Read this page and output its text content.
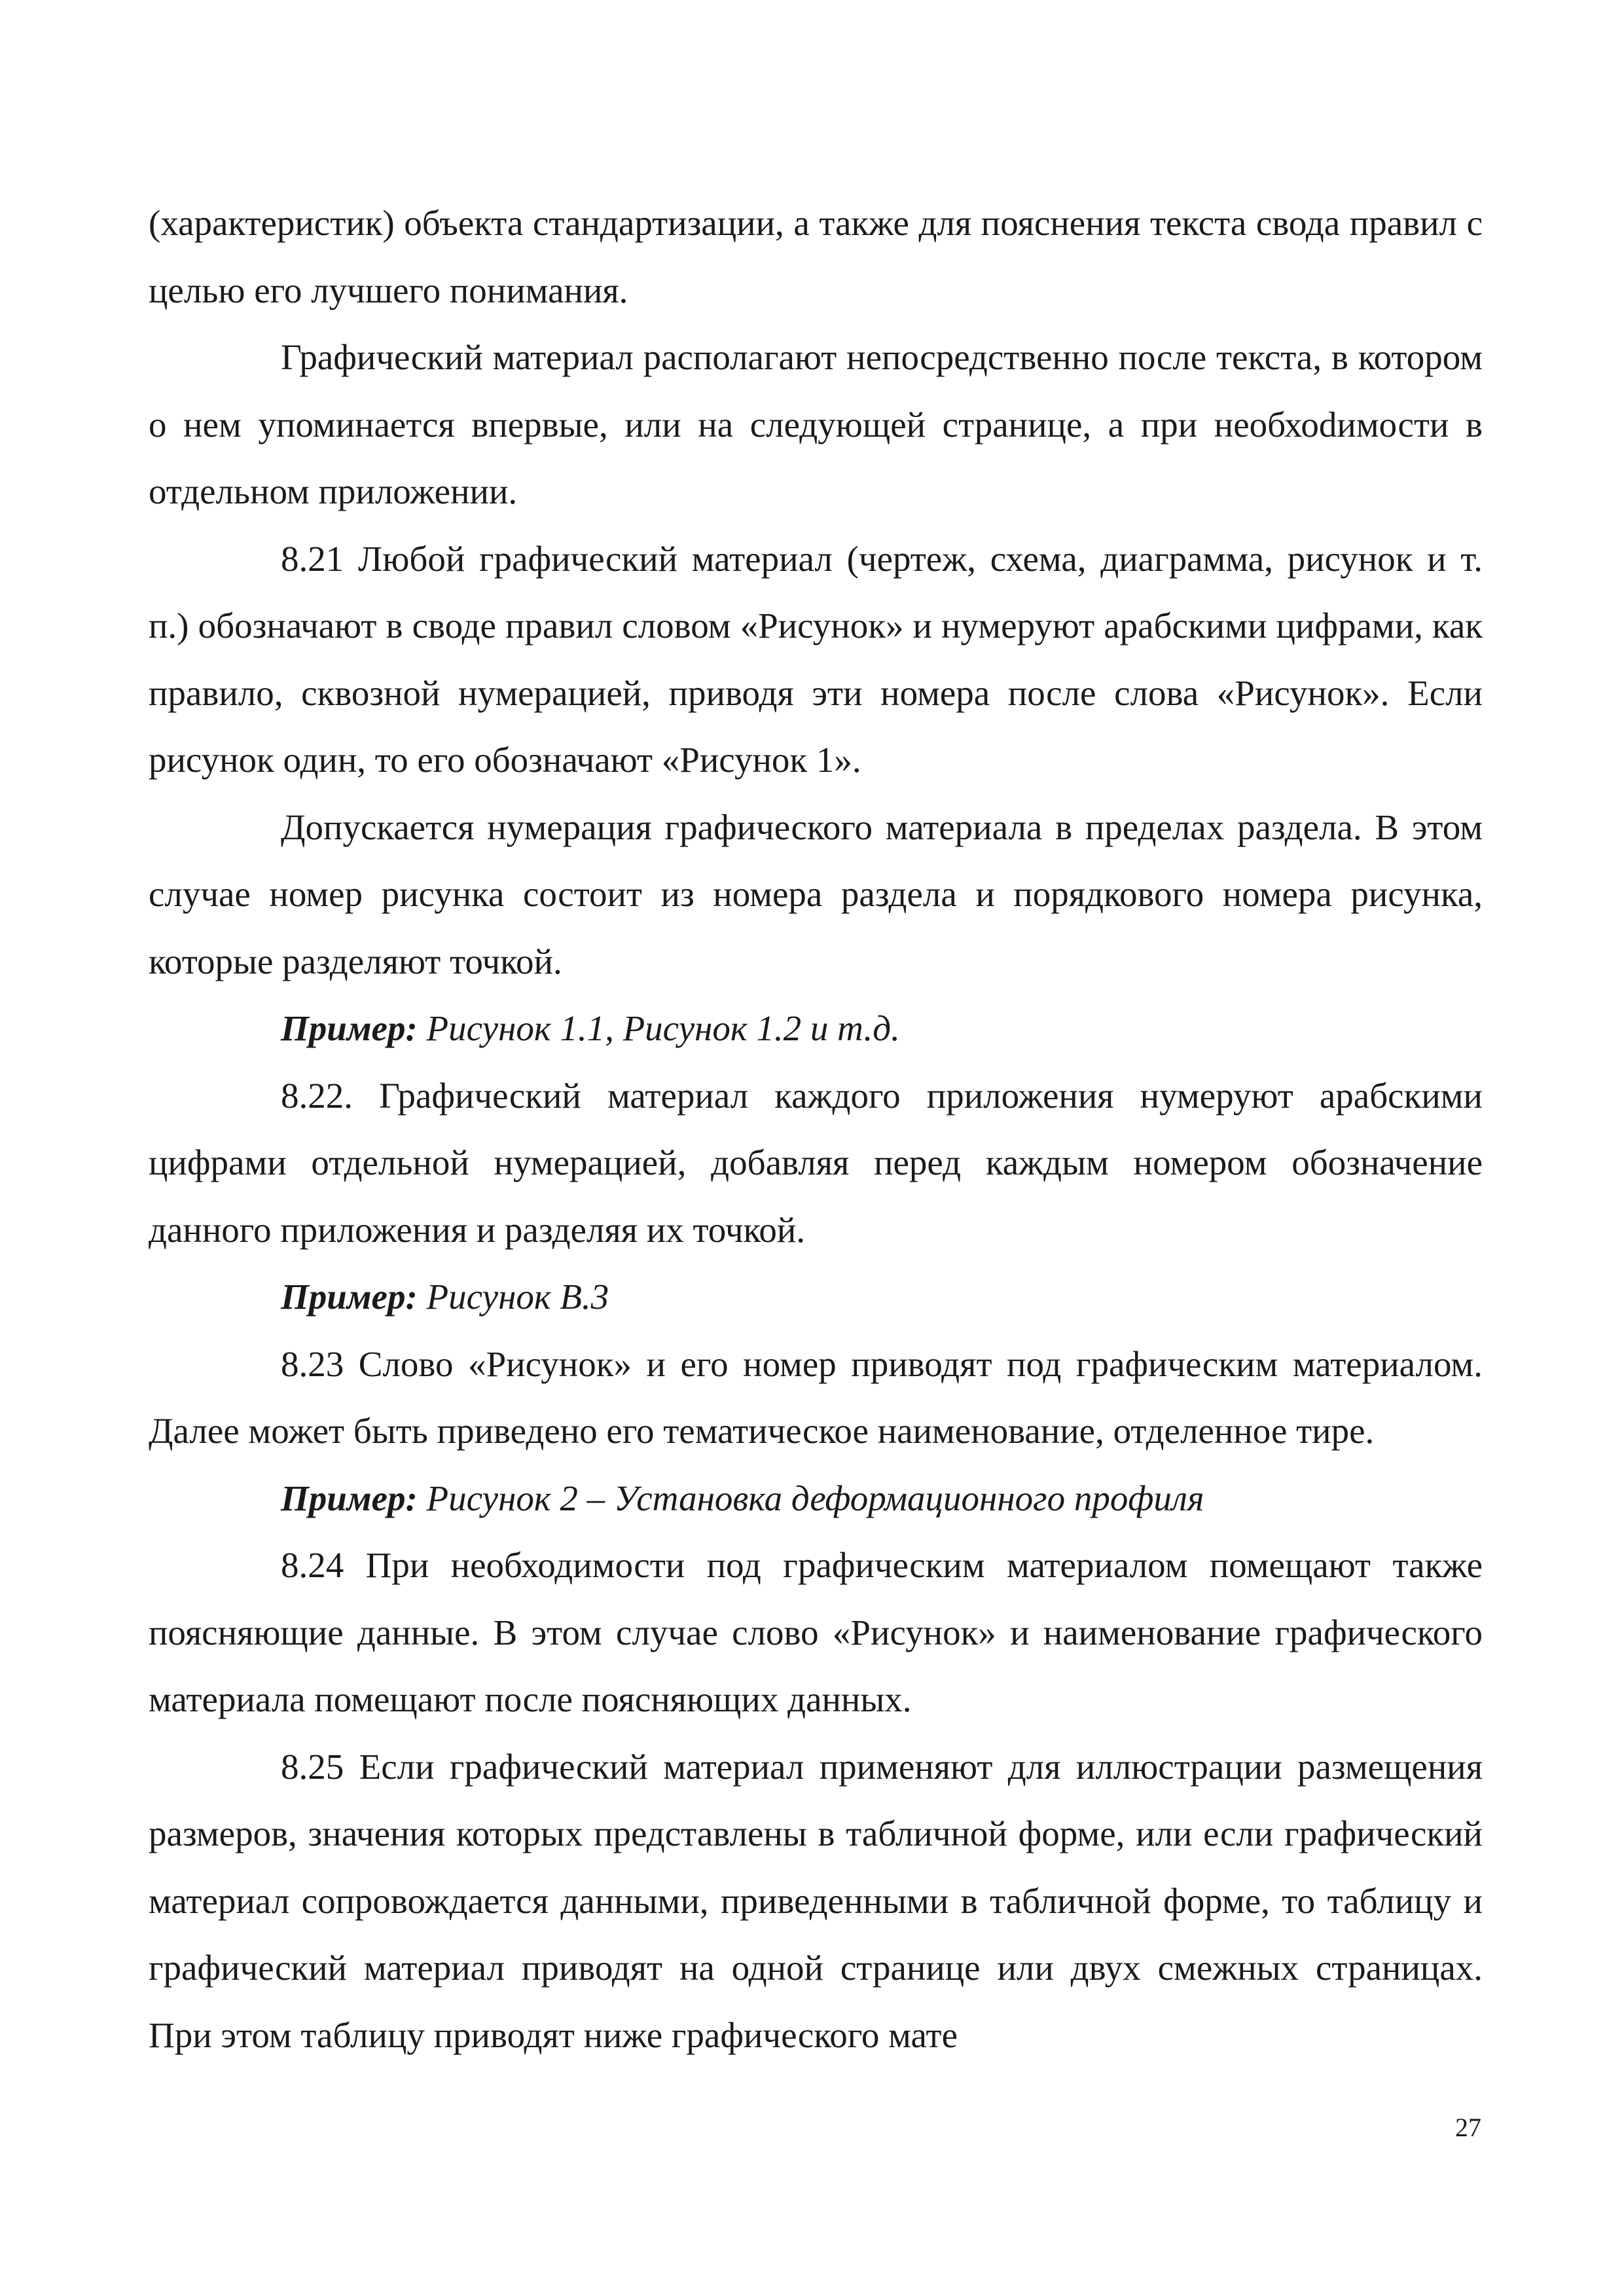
(характеристик) объекта стандартизации, а также для пояснения текста свода правил с целью его лучшего понимания.

Графический материал располагают непосредственно после текста, в котором о нем упоминается впервые, или на следующей странице, а при необхоdимости в отдельном приложении.

8.21 Любой графический материал (чертеж, схема, диаграмма, рисунок и т. п.) обозначают в своде правил словом «Рисунок» и нумеруют арабскими цифрами, как правило, сквозной нумерацией, приводя эти номера после слова «Рисунок». Если рисунок один, то его обозначают «Рисунок 1».

Допускается нумерация графического материала в пределах раздела. В этом случае номер рисунка состоит из номера раздела и порядкового номера рисунка, которые разделяют точкой.

Пример: Рисунок 1.1, Рисунок 1.2 и т.д.

8.22. Графический материал каждого приложения нумеруют арабскими цифрами отдельной нумерацией, добавляя перед каждым номером обозначение данного приложения и разделяя их точкой.

Пример: Рисунок В.3

8.23 Слово «Рисунок» и его номер приводят под графическим материалом. Далее может быть приведено его тематическое наименование, отделенное тире.

Пример: Рисунок 2 – Установка деформационного профиля

8.24 При необходимости под графическим материалом помещают также поясняющие данные. В этом случае слово «Рисунок» и наименование графического материала помещают после поясняющих данных.

8.25 Если графический материал применяют для иллюстрации размещения размеров, значения которых представлены в табличной форме, или если графический материал сопровождается данными, приведенными в табличной форме, то таблицу и графический материал приводят на одной странице или двух смежных страницах. При этом таблицу приводят ниже графического мате

27
